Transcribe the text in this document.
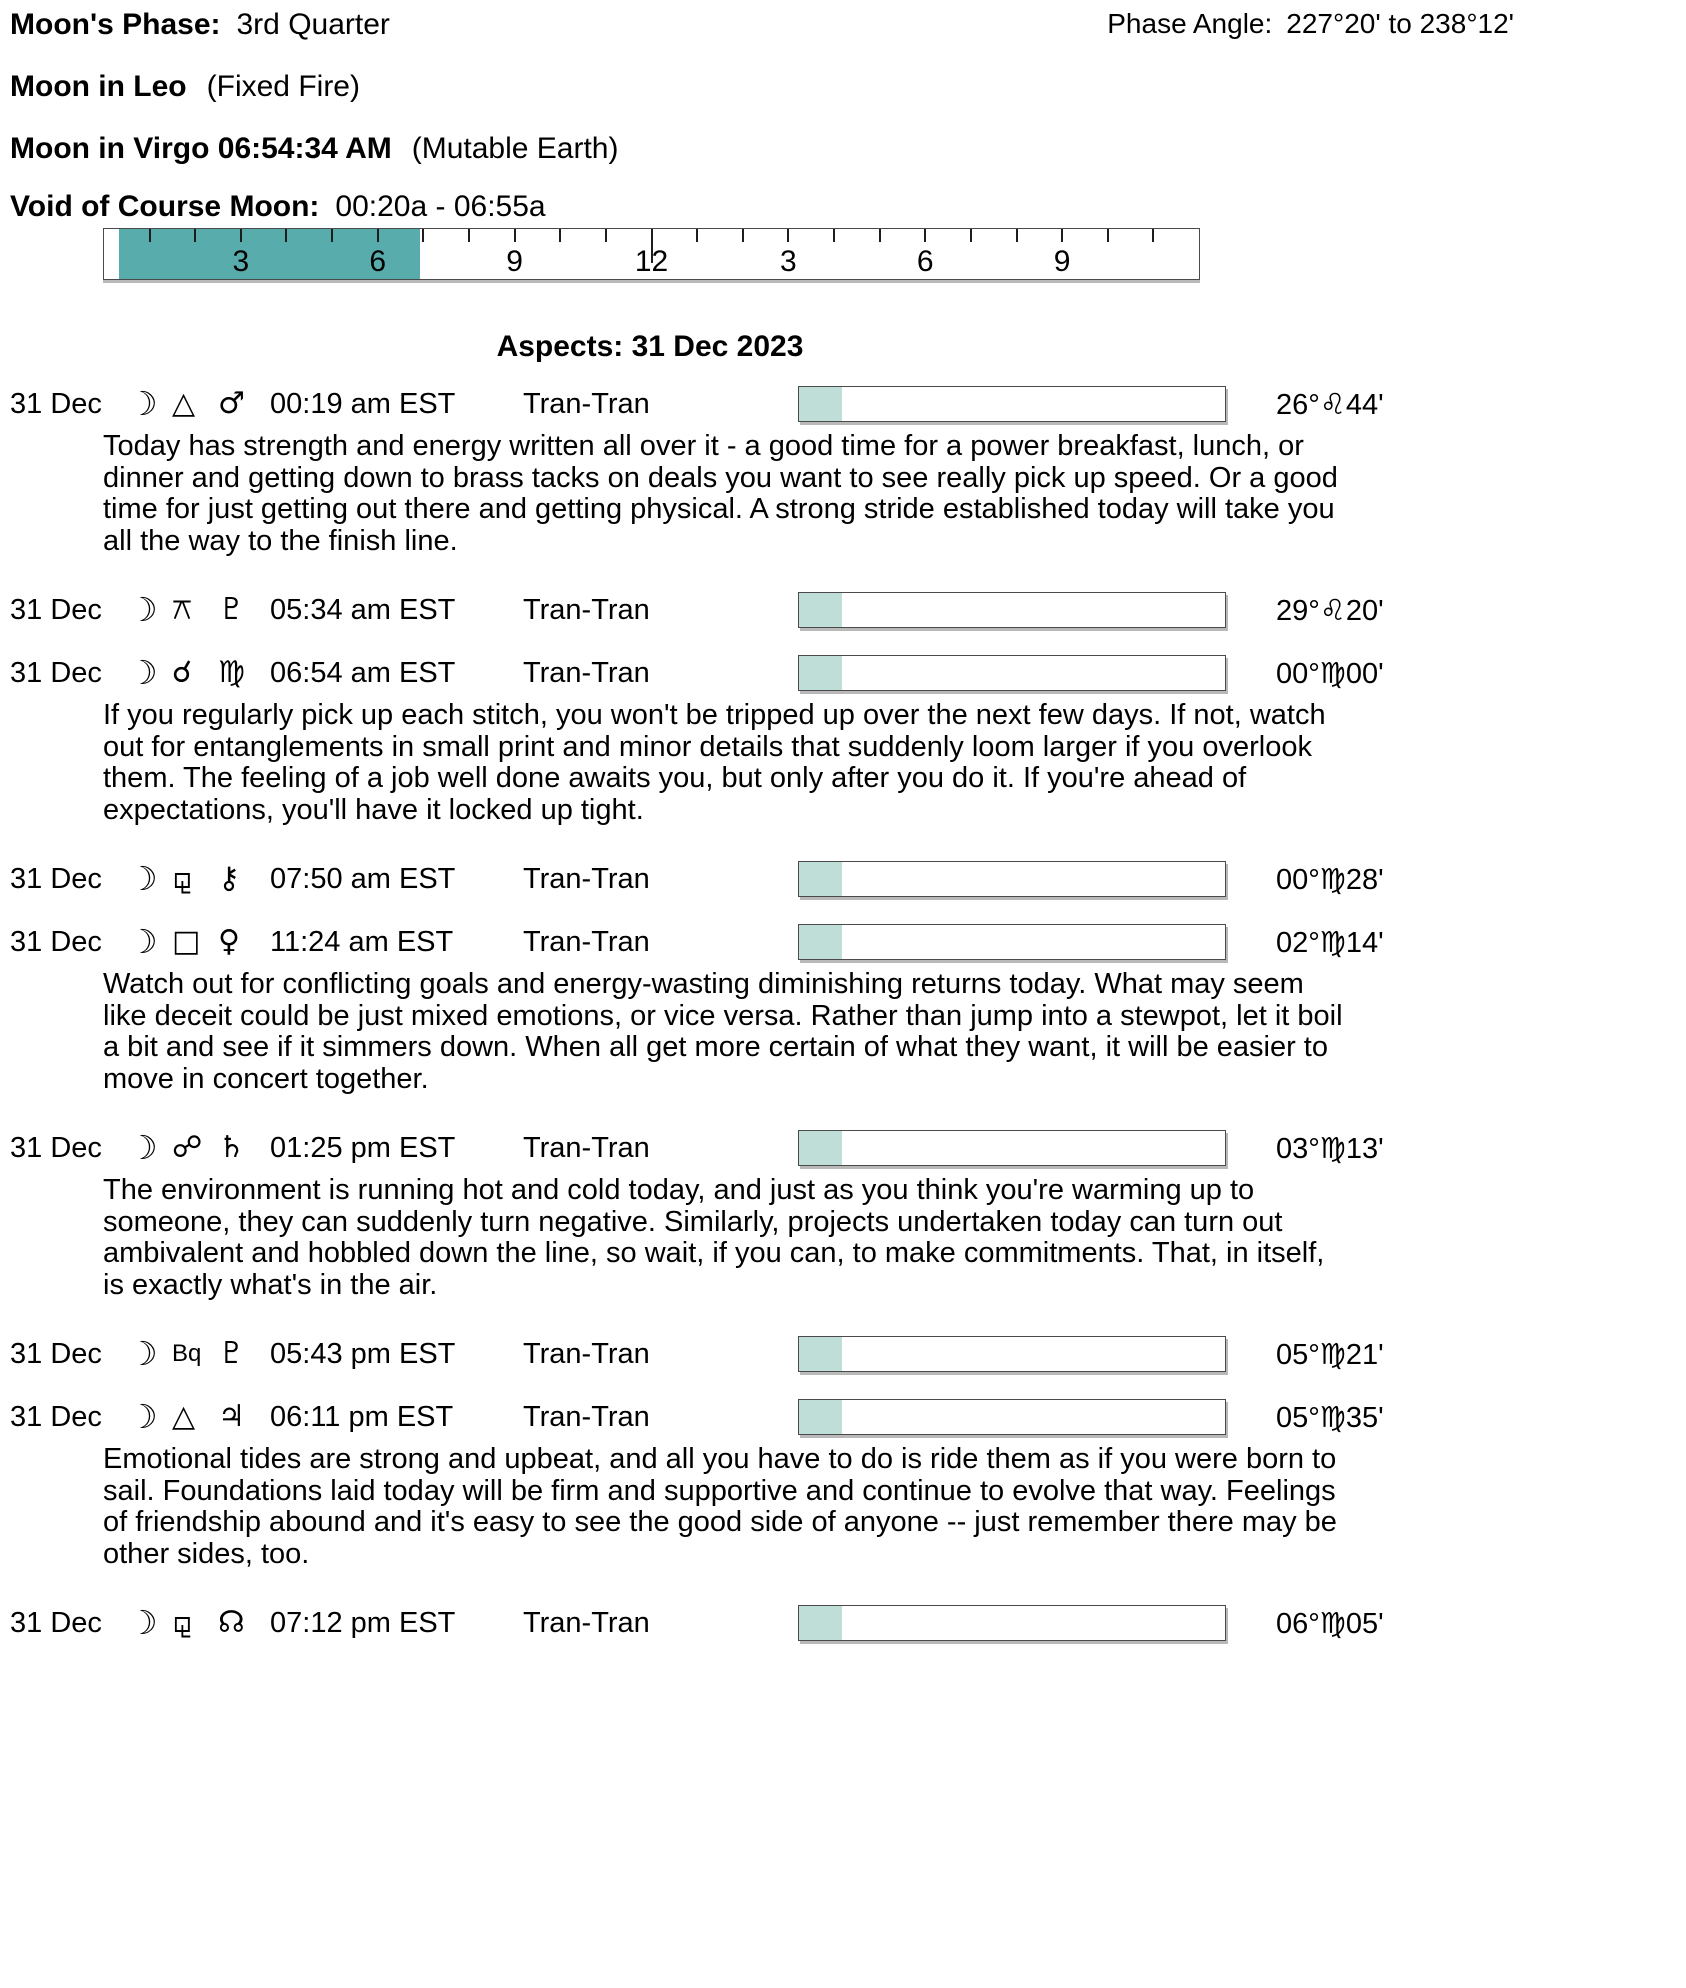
Moon's Phase: 3rd Quarter	Phase Angle: 227°20' to 238°12'
Moon in Leo (Fixed Fire)
Moon in Virgo 06:54:34 AM (Mutable Earth)
Void of Course Moon: 00:20a - 06:55a
3	6	9	12	3	6	9
Aspects: 31 Dec 2023
31 Dec ☽ △ ♂ 00:19 am EST	Tran-Tran	26°♌44'

Today has strength and energy written all over it - a good time for a power breakfast, lunch, or dinner and getting down to brass tacks on deals you want to see really pick up speed. Or a good time for just getting out there and getting physical. A strong stride established today will take you all the way to the finish line.

31 Dec ☽ ⚻ ♇ 05:34 am EST	Tran-Tran	29°♌20'
31 Dec ☽ ☌ ♍ 06:54 am EST	Tran-Tran	00°♍00'

If you regularly pick up each stitch, you won't be tripped up over the next few days. If not, watch out for entanglements in small print and minor details that suddenly loom larger if you overlook them. The feeling of a job well done awaits you, but only after you do it. If you're ahead of expectations, you'll have it locked up tight.

31 Dec ☽ ⚼ ⚷	07:50 am EST	Tran-Tran	00°♍28'
31 Dec ☽ □ ♀	11:24 am EST	Tran-Tran	02°♍14'

Watch out for conflicting goals and energy-wasting diminishing returns today. What may seem like deceit could be just mixed emotions, or vice versa. Rather than jump into a stewpot, let it boil a bit and see if it simmers down. When all get more certain of what they want, it will be easier to move in concert together.

31 Dec ☽ ☍ ♄ 01:25 pm EST	Tran-Tran	03°♍13'

The environment is running hot and cold today, and just as you think you're warming up to someone, they can suddenly turn negative. Similarly, projects undertaken today can turn out ambivalent and hobbled down the line, so wait, if you can, to make commitments. That, in itself, is exactly what's in the air.

31 Dec ☽ Bq ♇ 05:43 pm EST	Tran-Tran	05°♍21'
31 Dec ☽ △ ♃ 06:11 pm EST	Tran-Tran	05°♍35'

Emotional tides are strong and upbeat, and all you have to do is ride them as if you were born to sail. Foundations laid today will be firm and supportive and continue to evolve that way. Feelings of friendship abound and it's easy to see the good side of anyone -- just remember there may be other sides, too.

31 Dec ☽ ⚼ ☊ 07:12 pm EST	Tran-Tran	06°♍05'
